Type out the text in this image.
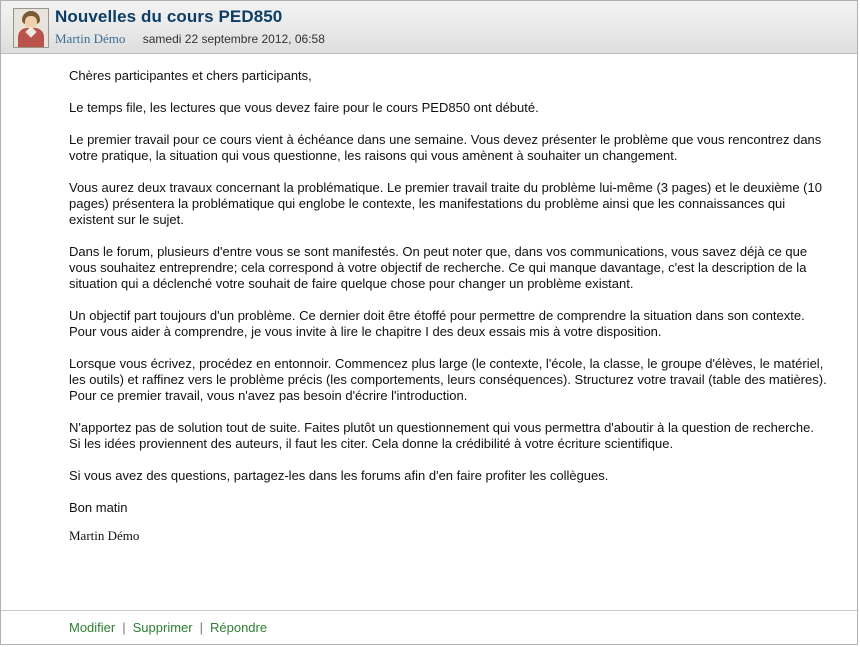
Nouvelles du cours PED850
Martin Démo samedi 22 septembre 2012, 06:58

Chères participantes et chers participants,

Le temps file, les lectures que vous devez faire pour le cours PED850 ont débuté.

Le premier travail pour ce cours vient à échéance dans une semaine. Vous devez présenter le problème que vous rencontrez dans votre pratique, la situation qui vous questionne, les raisons qui vous amènent à souhaiter un changement.

Vous aurez deux travaux concernant la problématique. Le premier travail traite du problème lui-même (3 pages) et le deuxième (10 pages) présentera la problématique qui englobe le contexte, les manifestations du problème ainsi que les connaissances qui existent sur le sujet.

Dans le forum, plusieurs d'entre vous se sont manifestés. On peut noter que, dans vos communications, vous savez déjà ce que vous souhaitez entreprendre; cela correspond à votre objectif de recherche. Ce qui manque davantage, c'est la description de la situation qui a déclenché votre souhait de faire quelque chose pour changer un problème existant.

Un objectif part toujours d'un problème. Ce dernier doit être étoffé pour permettre de comprendre la situation dans son contexte. Pour vous aider à comprendre, je vous invite à lire le chapitre I des deux essais mis à votre disposition.

Lorsque vous écrivez, procédez en entonnoir. Commencez plus large (le contexte, l'école, la classe, le groupe d'élèves, le matériel, les outils) et raffinez vers le problème précis (les comportements, leurs conséquences). Structurez votre travail (table des matières). Pour ce premier travail, vous n'avez pas besoin d'écrire l'introduction.

N'apportez pas de solution tout de suite. Faites plutôt un questionnement qui vous permettra d'aboutir à la question de recherche. Si les idées proviennent des auteurs, il faut les citer. Cela donne la crédibilité à votre écriture scientifique.

Si vous avez des questions, partagez-les dans les forums afin d'en faire profiter les collègues.

Bon matin

Martin Démo

Modifier | Supprimer | Répondre
